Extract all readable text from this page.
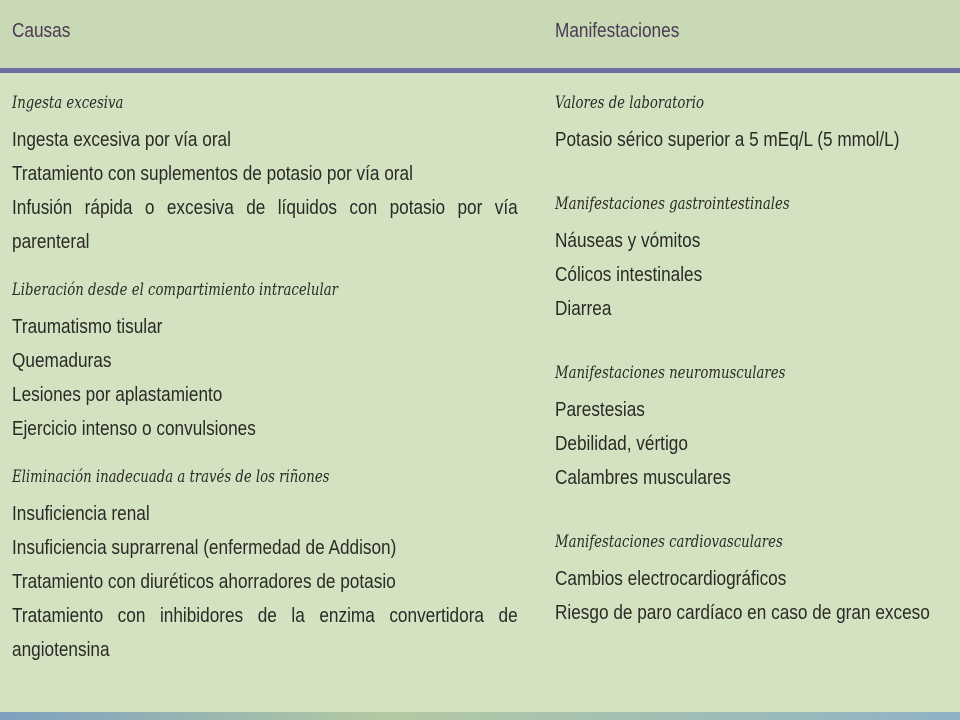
Causas	Manifestaciones
Ingesta excesiva
Ingesta excesiva por vía oral
Tratamiento con suplementos de potasio por vía oral
Infusión rápida o excesiva de líquidos con potasio por vía parenteral
Liberación desde el compartimiento intracelular
Traumatismo tisular
Quemaduras
Lesiones por aplastamiento
Ejercicio intenso o convulsiones
Eliminación inadecuada a través de los riñones
Insuficiencia renal
Insuficiencia suprarrenal (enfermedad de Addison)
Tratamiento con diuréticos ahorradores de potasio
Tratamiento con inhibidores de la enzima convertidora de angiotensina
Valores de laboratorio
Potasio sérico superior a 5 mEq/L (5 mmol/L)
Manifestaciones gastrointestinales
Náuseas y vómitos
Cólicos intestinales
Diarrea
Manifestaciones neuromusculares
Parestesias
Debilidad, vértigo
Calambres musculares
Manifestaciones cardiovasculares
Cambios electrocardiográficos
Riesgo de paro cardíaco en caso de gran exceso
